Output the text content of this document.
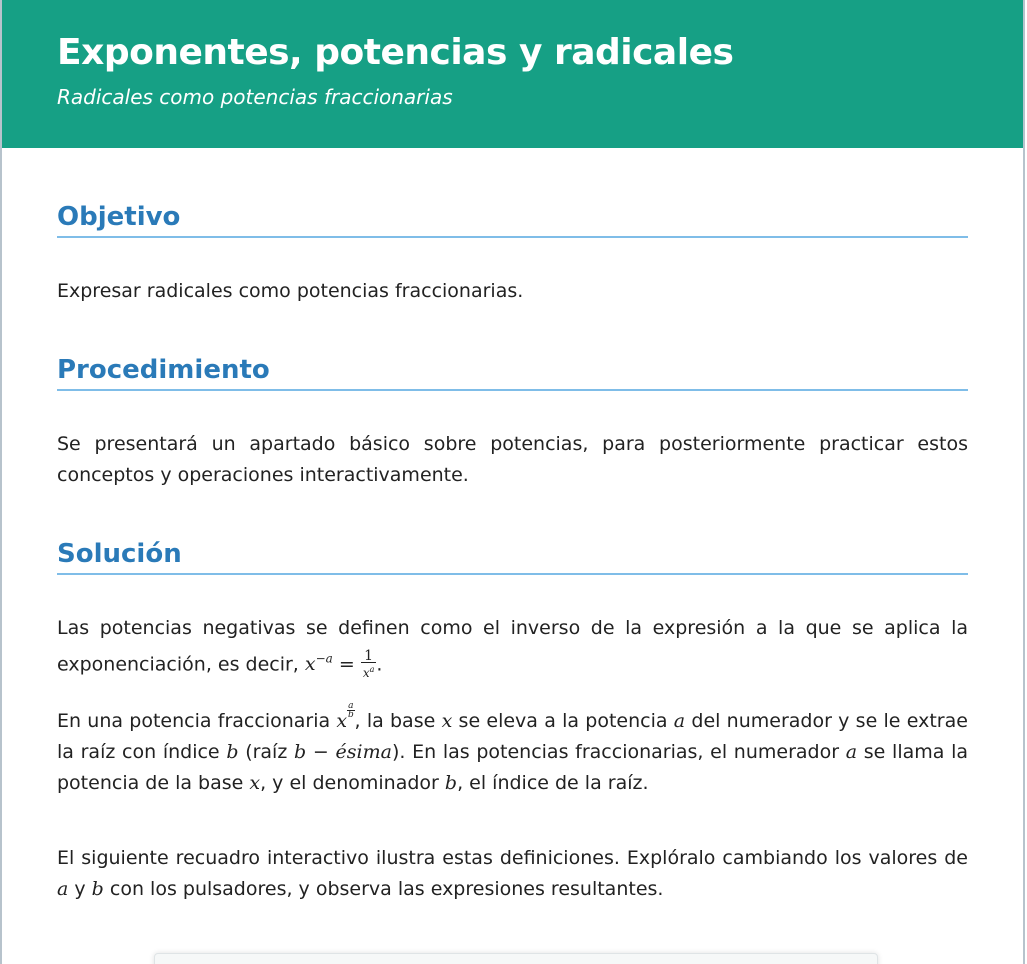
Exponentes, potencias y radicales
Radicales como potencias fraccionarias
Objetivo

Expresar radicales como potencias fraccionarias.

Procedimiento

Se presentará un apartado básico sobre potencias, para posteriormente practicar estos conceptos y operaciones interactivamente.

Solución

Las potencias negativas se definen como el inverso de la expresión a la que se aplica la exponenciación, es decir, $x^{-a} = \frac{1}{x^a}$ .

En una potencia fraccionaria x $\frac{a}{b}$ , la base x se eleva a la potencia a del numerador y se le extrae la raíz con índice b (raíz b − ésima). En las potencias fraccionarias, el numerador a se llama la potencia de la base x, y el denominador b, el índice de la raíz.

El siguiente recuadro interactivo ilustra estas definiciones. Explóralo cambiando los valores de a y b con los pulsadores, y observa las expresiones resultantes.
